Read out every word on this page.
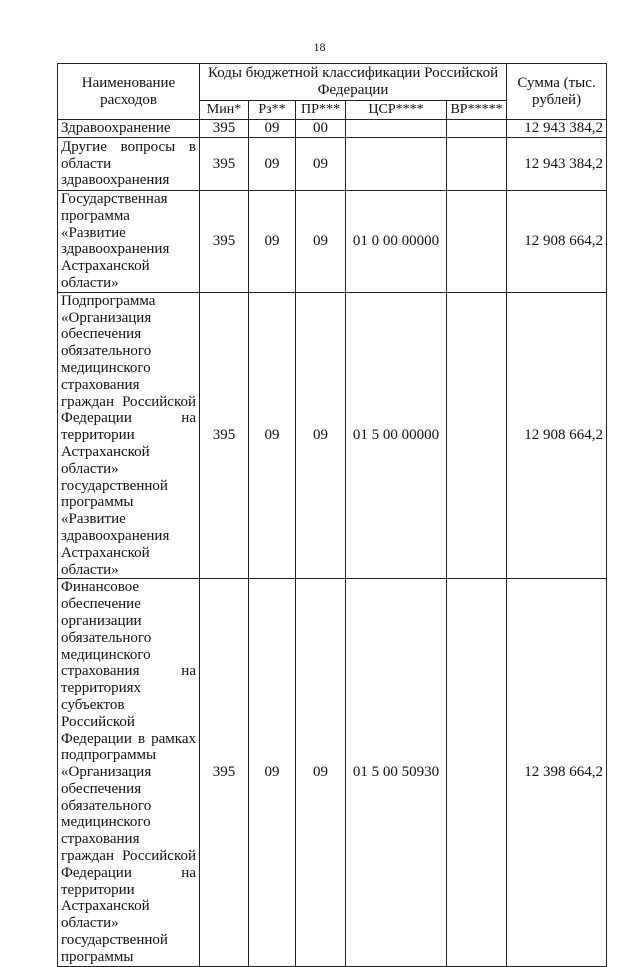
18
Наименование расходов	Коды бюджетной классификации Российской Федерации					Сумма (тыс. рублей)
	Мин*	Рз**	ПР***	ЦСР****	ВР*****	
Здравоохранение	395	09	00			12 943 384,2
Другие вопросы в области здравоохранения	395	09	09			12 943 384,2
Государственная программа «Развитие здравоохранения Астраханской области»	395	09	09	01 0 00 00000		12 908 664,2
Подпрограмма «Организация обеспечения обязательного медицинского страхования граждан Российской Федерации на территории Астраханской области» государственной программы «Развитие здравоохранения Астраханской области»	395	09	09	01 5 00 00000		12 908 664,2
Финансовое обеспечение организации обязательного медицинского страхования на территориях субъектов Российской Федерации в рамках подпрограммы «Организация обеспечения обязательного медицинского страхования граждан Российской Федерации на территории Астраханской области» государственной программы	395	09	09	01 5 00 50930		12 398 664,2
